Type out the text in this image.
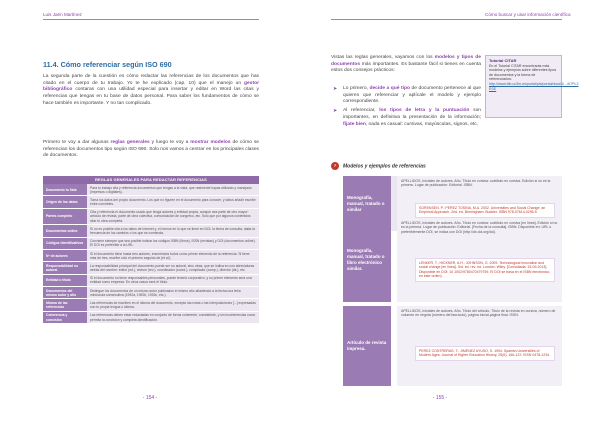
Luis Jaén Martínez
11.4. Cómo referenciar según ISO 690

La segunda parte de la cuestión es cómo redactar las referencias de los documentos que has citado en el cuerpo de tu trabajo. Yo te he explicado (cap. 10) que el manejo un gestor bibliográfico contaras con una utilidad especial para insertar y editar en Word las citas y referencias que tengas en tu base de datos personal. Para saber los fundamentos de cómo se hace también es importante. Y no tan complicado.

Primero te voy a dar algunas reglas generales y luego te voy a mostrar modelos de cómo se referencian los documentos tipo según ISO 690. Solo nos vamos a centrar en los principales clases de documentos.

REGLAS GENERALES PARA REDACTAR REFERENCIAS	
Documento tu lista	Para tu trabajo cita y referencia documentos que tengas a la vista, que realmente hayas utilizado y manejado (impresos o digitales).
Origen de los datos	Toma los datos del propio documento. Los que no figuren en el documento para conocer, y datos añadir escribe entre corchetes.
Partes completo	Cita y referencia el documento usado que tenga autores y entidad propia, aunque sea parte de otro mayor: artículo de revista, parte de obra colectiva, comunicación de congreso, etc. Solo que por algunos contenidos citar tu obra completa.
Documentos online	Si no es posible cita a los datos de Internet y, el menos en lo que se tiene en DOI, la fecha de consulta, dada la frecuencia de los cambios o los que se comienda.
Códigos identificativos	Conviene siempre que sea posible indicar los códigos ISBN (libros), ISSN (revistas) y DOI (documentos online). El DOI es preferible a la URL.
Nº de autores	Si el documento tiene hasta tres autores, enuméralos todos como primer elemento de la referencia. Si tiene más de tres, escribe sólo el primero seguido de [et al.].
Responsabilidad no autoral	La responsabilidad principal del documento puede ser no autoral, sino otras, que se indica en con abreviaturas detrás del nombre: editor (ed.), revisor (rev.), coordinador (coord.), compilador (comp.), director (dir.), etc.
Entidad o título	Si el documento no tiene responsables personales, puede tenerlo corporativo, y su primer elemento será una entidad como empresa. En otros casos será el título.
Documentos del mismo autor y año	Distingue los documentos de un mismo autor publicados el mismo año añadiendo a la fecha una letra minúscula consecutiva (1992a, 1992b, 1992c, etc.).
Idioma de las referencias	Las referencias se escriben en el idioma del documento, excepto las notas o las interpolaciones [...] expresadas con tu propia lengua o idioma.
Coherencia y concisión	Las referencias deben estar redactadas en conjunto de forma coherente, consistente, y sin incoherencias como permita la concisión y completa identificación.
- 154 -
Cómo buscar y usar información científica

Vistas las reglas generales, vayamos con los modelos y tipos de documentos más importantes. Es bastante fácil si tienes en cuenta estos dos consejos prácticos:

➤ Lo primero, decide a qué tipo de documento pertenece al que quieres que referenciar y aplícale el modelo y ejemplo correspondiente.
➤ Al referenciar, los tipos de letra y la puntuación son importantes, en definitiva la presentación de la información; fíjate bien, nada es casual: cursivas, mayúsculas, signos, etc.
Tutorial CITAR
En el Tutorial CITAR encontrarás más modelos y ejemplos sobre diferentes tipos de documentos y la forma de referenciarlos:
http://www.bib.uc3m.es/portal/pls/portal/docs/1/.../67PL3 ESE
? Modelos y ejemplos de referencias
Monografía, manual, tratado o similar
APELLIDOS, Iniciales de autores. Año. Título en cursiva: subtítulo en cursiva. Edición si no es la primera. Lugar de publicación: Editorial. ISBN.
SORENSEN, P.; PEREZ TOSINA, M.A. 2002. Universities and Social Change: an Empirical Approach. 2nd. ed. Birmingham: Buckler. ISBN 978-07614-0295-5.
Monografía, manual, tratado o libro electrónico similar.
APELLIDOS, Iniciales de autores. Año. Título en cursiva: subtítulo en cursiva [en línea]. Edición si no es la primera. Lugar de publicación: Editorial. [Fecha de la consulta]. ISBN. Disponible en: URL o preferiblemente DOI, se indica con DOI (http://dx.doi.org/doi).
LENKER, T.; HICKNER, A.H.; JOHNSON, G. 2009. Technological innovation and social change [en línea]. 3rd. ed. rev. ed. London: Wiley. [Consultada: 15-09-2013]. Disponible en DOI: 10.1002/9780470479759. El DOI se basa en el ISBN electrónico, en este orden).
Artículo de revista impresa.
APELLIDOS, Iniciales de autores. Año. Título del artículo. Título de la revista en cursiva, número de volumen en negrita (número del fascículo), página inicial-página final. ISSN.
PEREZ CONTRERAS, T.; JIMENEZ AYUSO, S. 1994. Spanish Universities of Modern Ages. Journal of Higher Education History, 25(6), 166-122. ISSN 0478-1234.
- 155 -
